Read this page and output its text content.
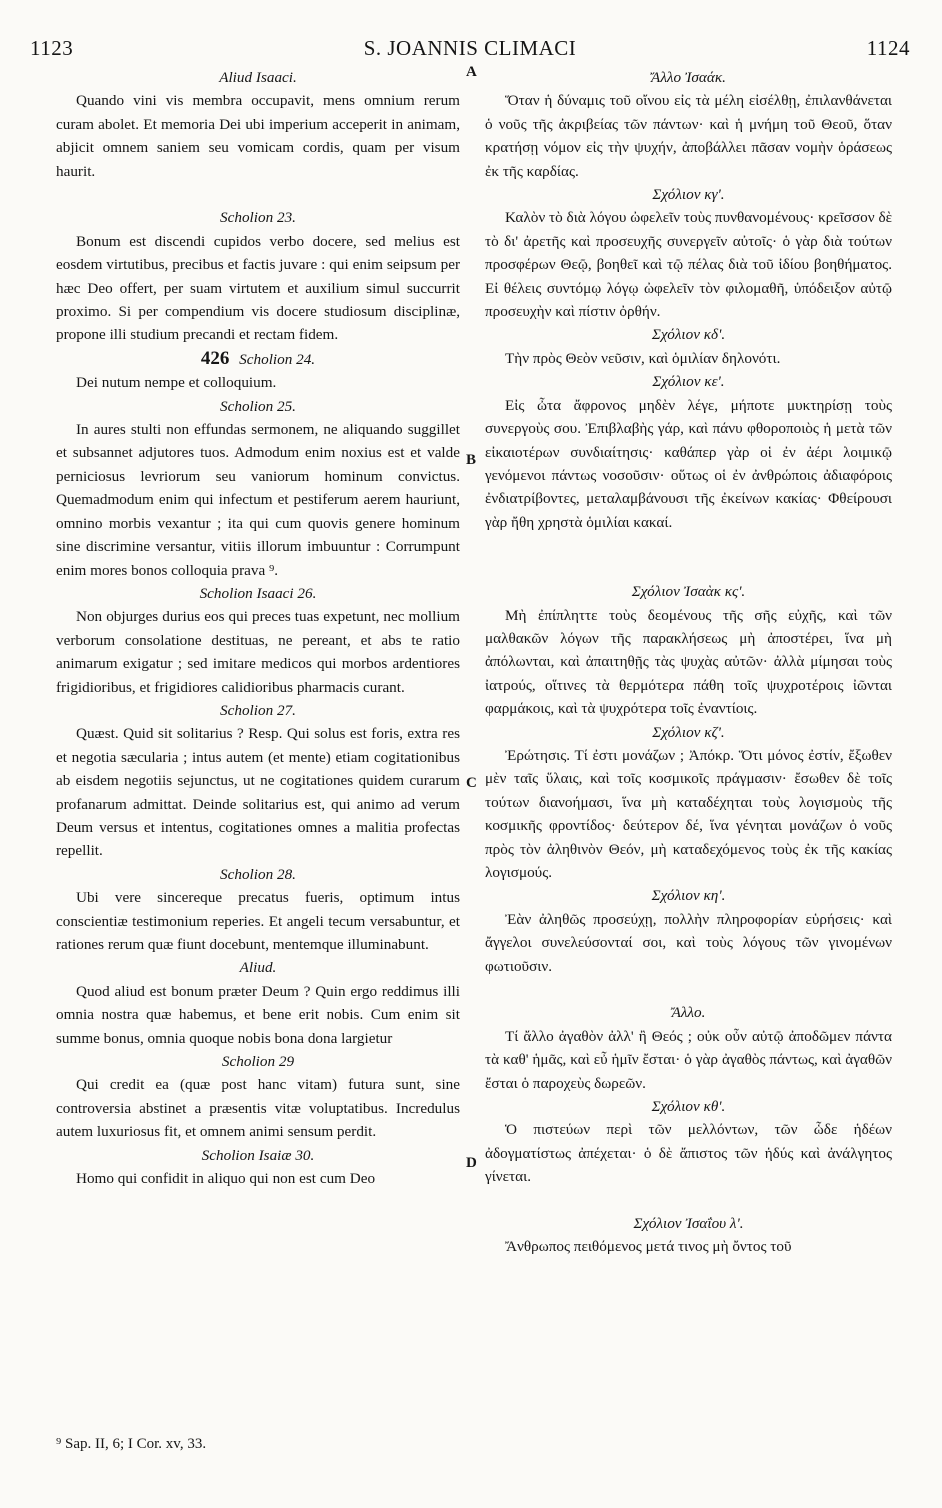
1123	S. JOANNIS CLIMACI	1124
Aliud Isaaci.
Quando vini vis membra occupavit, mens omnium rerum curam abolet. Et memoria Dei ubi imperium acceperit in animam, abjicit omnem saniem seu vomicam cordis, quam per visum haurit.
Scholion 23.
Bonum est discendi cupidos verbo docere, sed melius est eosdem virtutibus, precibus et factis juvare : qui enim seipsum per hæc Deo offert, per suam virtutem et auxilium simul succurrit proximo. Si per compendium vis docere studiosum disciplinæ, propone illi studium precandi et rectam fidem.
426 Scholion 24.
Dei nutum nempe et colloquium.
Scholion 25.
In aures stulti non effundas sermonem, ne aliquando suggillet et subsannet adjutores tuos. Admodum enim noxius est et valde perniciosus levriorum seu vaniorum hominum convictus. Quemadmodum enim qui infectum et pestiferum aerem hauriunt, omnino morbis vexantur ; ita qui cum quovis genere hominum sine discrimine versantur, vitiis illorum imbuuntur : Corrumpunt enim mores bonos colloquia prava ⁹.
Scholion Isaaci 26.
Non objurges durius eos qui preces tuas expetunt, nec mollium verborum consolatione destituas, ne pereant, et abs te ratio animarum exigatur ; sed imitare medicos qui morbos ardentiores frigidioribus, et frigidiores calidioribus pharmacis curant.
Scholion 27.
Quæst. Quid sit solitarius ? Resp. Qui solus est foris, extra res et negotia sæcularia ; intus autem (et mente) etiam cogitationibus ab eisdem negotiis sejunctus, ut ne cogitationes quidem curarum profanarum admittat. Deinde solitarius est, qui animo ad verum Deum versus et intentus, cogitationes omnes a malitia profectas repellit.
Scholion 28.
Ubi vere sincereque precatus fueris, optimum intus conscientiæ testimonium reperies. Et angeli tecum versabuntur, et rationes rerum quæ fiunt docebunt, mentemque illuminabunt.
Aliud.
Quod aliud est bonum præter Deum ? Quin ergo reddimus illi omnia nostra quæ habemus, et bene erit nobis. Cum enim sit summe bonus, omnia quoque nobis bona dona largietur
Scholion 29
Qui credit ea (quæ post hanc vitam) futura sunt, sine controversia abstinet a præsentis vitæ voluptatibus. Incredulus autem luxuriosus fit, et omnem animi sensum perdit.
Scholion Isaiæ 30.
Homo qui confidit in aliquo qui non est cum Deo
Ἄλλο Ἰσαάκ.
Ὅταν ἡ δύναμις τοῦ οἴνου εἰς τὰ μέλη εἰσέλθῃ, ἐπιλανθάνεται ὁ νοῦς τῆς ἀκριβείας τῶν πάντων· καὶ ἡ μνήμη τοῦ Θεοῦ, ὅταν κρατήσῃ νόμον εἰς τὴν ψυχήν, ἀποβάλλει πᾶσαν νομὴν ὁράσεως ἐκ τῆς καρδίας.
Σχόλιον κγ'.
Καλὸν τὸ διὰ λόγου ὠφελεῖν τοὺς πυνθανομένους· κρεῖσσον δὲ τὸ δι' ἀρετῆς καὶ προσευχῆς συνεργεῖν αὐτοῖς· ὁ γὰρ διὰ τούτων προσφέρων Θεῷ, βοηθεῖ καὶ τῷ πέλας διὰ τοῦ ἰδίου βοηθήματος. Εἰ θέλεις συντόμῳ λόγῳ ὠφελεῖν τὸν φιλομαθῆ, ὑπόδειξον αὐτῷ προσευχὴν καὶ πίστιν ὀρθήν.
Σχόλιον κδ'.
Τὴν πρὸς Θεὸν νεῦσιν, καὶ ὁμιλίαν δηλονότι.
Σχόλιον κε'.
Εἰς ὦτα ἄφρονος μηδὲν λέγε, μήποτε μυκτηρίσῃ τοὺς συνεργοὺς σου. Ἐπιβλαβὴς γάρ, καὶ πάνυ φθοροποιὸς ἡ μετὰ τῶν εἰκαιοτέρων συνδιαίτησις· καθάπερ γὰρ οἱ ἐν ἀέρι λοιμικῷ γενόμενοι πάντως νοσοῦσιν· οὕτως οἱ ἐν ἀνθρώποις ἀδιαφόροις ἐνδιατρίβοντες, μεταλαμβάνουσι τῆς ἐκείνων κακίας· Φθείρουσι γὰρ ἤθη χρηστὰ ὁμιλίαι κακαί.
Σχόλιον Ἰσαὰκ κς'.
Μὴ ἐπίπληττε τοὺς δεομένους τῆς σῆς εὐχῆς, καὶ τῶν μαλθακῶν λόγων τῆς παρακλήσεως μὴ ἀποστέρει, ἵνα μὴ ἀπόλωνται, καὶ ἀπαιτηθῇς τὰς ψυχὰς αὐτῶν· ἀλλὰ μίμησαι τοὺς ἰατρούς, οἵτινες τὰ θερμότερα πάθη τοῖς ψυχροτέροις ἰῶνται φαρμάκοις, καὶ τὰ ψυχρότερα τοῖς ἐναντίοις.
Σχόλιον κζ'.
Ἐρώτησις. Τί ἐστι μονάζων ; Ἀπόκρ. Ὅτι μόνος ἐστίν, ἔξωθεν μὲν ταῖς ὕλαις, καὶ τοῖς κοσμικοῖς πράγμασιν· ἔσωθεν δὲ τοῖς τούτων διανοήμασι, ἵνα μὴ καταδέχηται τοὺς λογισμοὺς τῆς κοσμικῆς φροντίδος· δεύτερον δέ, ἵνα γένηται μονάζων ὁ νοῦς πρὸς τὸν ἀληθινὸν Θεόν, μὴ καταδεχόμενος τοὺς ἐκ τῆς κακίας λογισμούς.
Σχόλιον κη'.
Ἐὰν ἀληθῶς προσεύχῃ, πολλὴν πληροφορίαν εὑρήσεις· καὶ ἄγγελοι συνελεύσονταί σοι, καὶ τοὺς λόγους τῶν γινομένων φωτιοῦσιν.
Ἄλλο.
Τί ἄλλο ἀγαθὸν ἀλλ' ἢ Θεός ; οὐκ οὖν αὐτῷ ἀποδῶμεν πάντα τὰ καθ' ἡμᾶς, καὶ εὖ ἡμῖν ἔσται· ὁ γὰρ ἀγαθὸς πάντως, καὶ ἀγαθῶν ἔσται ὁ παροχεὺς δωρεῶν.
Σχόλιον κθ'.
Ὁ πιστεύων περὶ τῶν μελλόντων, τῶν ὧδε ἡδέων ἀδογματίστως ἀπέχεται· ὁ δὲ ἄπιστος τῶν ἡδύς καὶ ἀνάλγητος γίνεται.
Σχόλιον Ἰσαΐου λ'.
Ἄνθρωπος πειθόμενος μετά τινος μὴ ὄντος τοῦ
A
B
C
D
⁹ Sap. II, 6; I Cor. xv, 33.
